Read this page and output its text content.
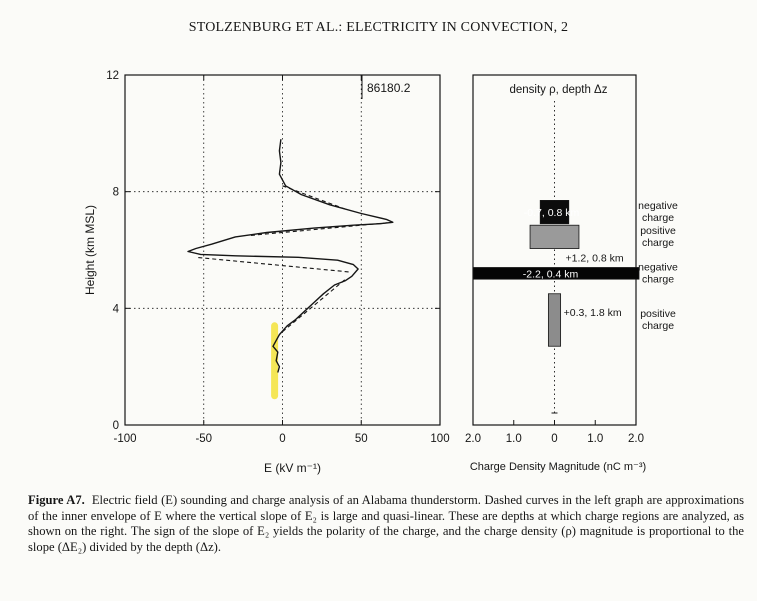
STOLZENBURG ET AL.: ELECTRICITY IN CONVECTION, 2
-100	-50	0	50	100
0
4
8
12
E (kV m⁻¹)
Height (km MSL)
86180.2	density ρ, depth Δz
2.0 1.0	0	1.0 2.0
Charge Density Magnitude (nC m⁻³)
-0.7, 0.8 km
negative
charge
+1.2, 0.8 km
positive
charge
-2.2, 0.4 km
negative
charge
+0.3, 1.8 km positive
charge
Figure A7. Electric field (E) sounding and charge analysis of an Alabama thunderstorm. Dashed curves in the left graph are approximations of the inner envelope of E where the vertical slope of E₂ is large and quasi-linear. These are depths at which charge regions are analyzed, as shown on the right. The sign of the slope of E₂ yields the polarity of the charge, and the charge density (ρ) magnitude is proportional to the slope (ΔE₂) divided by the depth (Δz).
